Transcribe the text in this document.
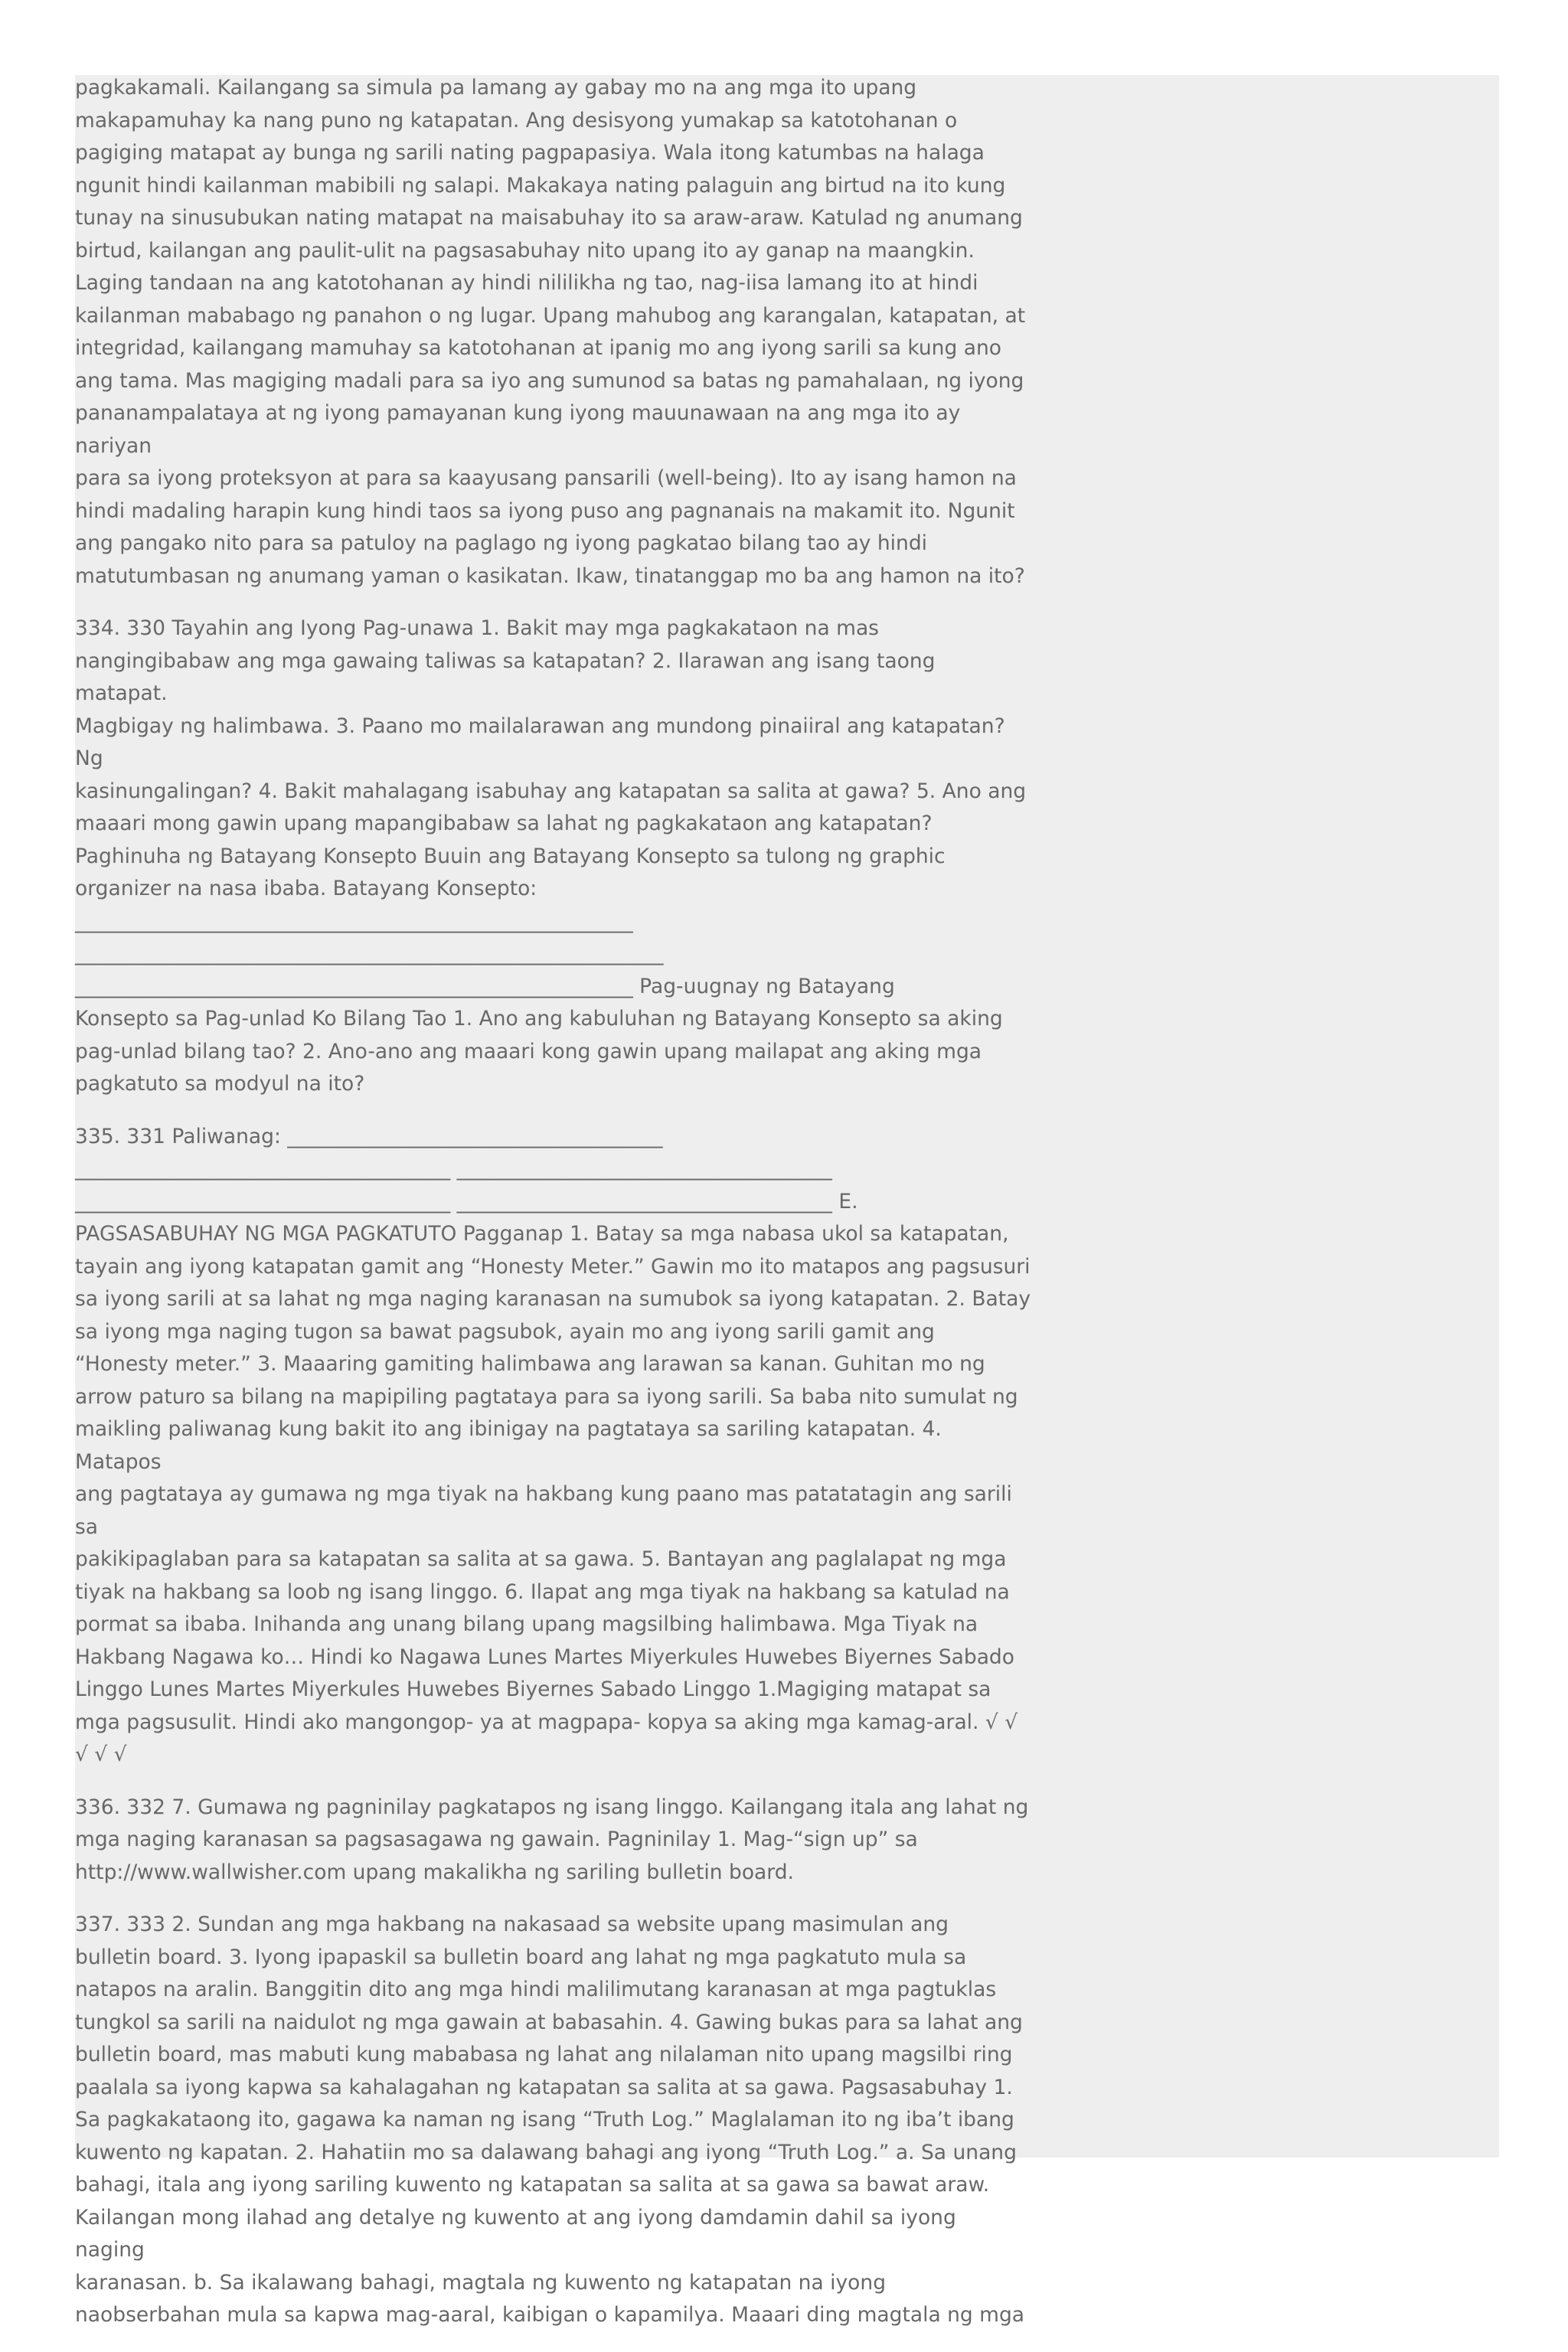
pagkakamali. Kailangang sa simula pa lamang ay gabay mo na ang mga ito upang
makapamuhay ka nang puno ng katapatan. Ang desisyong yumakap sa katotohanan o
pagiging matapat ay bunga ng sarili nating pagpapasiya. Wala itong katumbas na halaga
ngunit hindi kailanman mabibili ng salapi. Makakaya nating palaguin ang birtud na ito kung
tunay na sinusubukan nating matapat na maisabuhay ito sa araw-araw. Katulad ng anumang
birtud, kailangan ang paulit-ulit na pagsasabuhay nito upang ito ay ganap na maangkin.
Laging tandaan na ang katotohanan ay hindi nililikha ng tao, nag-iisa lamang ito at hindi
kailanman mababago ng panahon o ng lugar. Upang mahubog ang karangalan, katapatan, at
integridad, kailangang mamuhay sa katotohanan at ipanig mo ang iyong sarili sa kung ano
ang tama. Mas magiging madali para sa iyo ang sumunod sa batas ng pamahalaan, ng iyong
pananampalataya at ng iyong pamayanan kung iyong mauunawaan na ang mga ito ay nariyan
para sa iyong proteksyon at para sa kaayusang pansarili (well-being). Ito ay isang hamon na
hindi madaling harapin kung hindi taos sa iyong puso ang pagnanais na makamit ito. Ngunit
ang pangako nito para sa patuloy na paglago ng iyong pagkatao bilang tao ay hindi
matutumbasan ng anumang yaman o kasikatan. Ikaw, tinatanggap mo ba ang hamon na ito?

334. 330 Tayahin ang Iyong Pag-unawa 1. Bakit may mga pagkakataon na mas
nangingibabaw ang mga gawaing taliwas sa katapatan? 2. Ilarawan ang isang taong matapat.
Magbigay ng halimbawa. 3. Paano mo mailalarawan ang mundong pinaiiral ang katapatan? Ng
kasinungalingan? 4. Bakit mahalagang isabuhay ang katapatan sa salita at gawa? 5. Ano ang
maaari mong gawin upang mapangibabaw sa lahat ng pagkakataon ang katapatan?
Paghinuha ng Batayang Konsepto Buuin ang Batayang Konsepto sa tulong ng graphic
organizer na nasa ibaba. Batayang Konsepto:
_______________________________________________________
__________________________________________________________
_______________________________________________________ Pag-uugnay ng Batayang
Konsepto sa Pag-unlad Ko Bilang Tao 1. Ano ang kabuluhan ng Batayang Konsepto sa aking
pag-unlad bilang tao? 2. Ano-ano ang maaari kong gawin upang mailapat ang aking mga
pagkatuto sa modyul na ito?

335. 331 Paliwanag: _____________________________________
_____________________________________ _____________________________________
_____________________________________ _____________________________________ E.
PAGSASABUHAY NG MGA PAGKATUTO Pagganap 1. Batay sa mga nabasa ukol sa katapatan,
tayain ang iyong katapatan gamit ang “Honesty Meter.” Gawin mo ito matapos ang pagsusuri
sa iyong sarili at sa lahat ng mga naging karanasan na sumubok sa iyong katapatan. 2. Batay
sa iyong mga naging tugon sa bawat pagsubok, ayain mo ang iyong sarili gamit ang
“Honesty meter.” 3. Maaaring gamiting halimbawa ang larawan sa kanan. Guhitan mo ng
arrow paturo sa bilang na mapipiling pagtataya para sa iyong sarili. Sa baba nito sumulat ng
maikling paliwanag kung bakit ito ang ibinigay na pagtataya sa sariling katapatan. 4. Matapos
ang pagtataya ay gumawa ng mga tiyak na hakbang kung paano mas patatatagin ang sarili sa
pakikipaglaban para sa katapatan sa salita at sa gawa. 5. Bantayan ang paglalapat ng mga
tiyak na hakbang sa loob ng isang linggo. 6. Ilapat ang mga tiyak na hakbang sa katulad na
pormat sa ibaba. Inihanda ang unang bilang upang magsilbing halimbawa. Mga Tiyak na
Hakbang Nagawa ko… Hindi ko Nagawa Lunes Martes Miyerkules Huwebes Biyernes Sabado
Linggo Lunes Martes Miyerkules Huwebes Biyernes Sabado Linggo 1.Magiging matapat sa
mga pagsusulit. Hindi ako mangongop- ya at magpapa- kopya sa aking mga kamag-aral. √ √
√ √ √

336. 332 7. Gumawa ng pagninilay pagkatapos ng isang linggo. Kailangang itala ang lahat ng
mga naging karanasan sa pagsasagawa ng gawain. Pagninilay 1. Mag-“sign up” sa
http://www.wallwisher.com upang makalikha ng sariling bulletin board.

337. 333 2. Sundan ang mga hakbang na nakasaad sa website upang masimulan ang
bulletin board. 3. Iyong ipapaskil sa bulletin board ang lahat ng mga pagkatuto mula sa
natapos na aralin. Banggitin dito ang mga hindi malilimutang karanasan at mga pagtuklas
tungkol sa sarili na naidulot ng mga gawain at babasahin. 4. Gawing bukas para sa lahat ang
bulletin board, mas mabuti kung mababasa ng lahat ang nilalaman nito upang magsilbi ring
paalala sa iyong kapwa sa kahalagahan ng katapatan sa salita at sa gawa. Pagsasabuhay 1.
Sa pagkakataong ito, gagawa ka naman ng isang “Truth Log.” Maglalaman ito ng iba’t ibang
kuwento ng kapatan. 2. Hahatiin mo sa dalawang bahagi ang iyong “Truth Log.” a. Sa unang
bahagi, itala ang iyong sariling kuwento ng katapatan sa salita at sa gawa sa bawat araw.
Kailangan mong ilahad ang detalye ng kuwento at ang iyong damdamin dahil sa iyong naging
karanasan. b. Sa ikalawang bahagi, magtala ng kuwento ng katapatan na iyong
naobserbahan mula sa kapwa mag-aaral, kaibigan o kapamilya. Maaari ding magtala ng mga
